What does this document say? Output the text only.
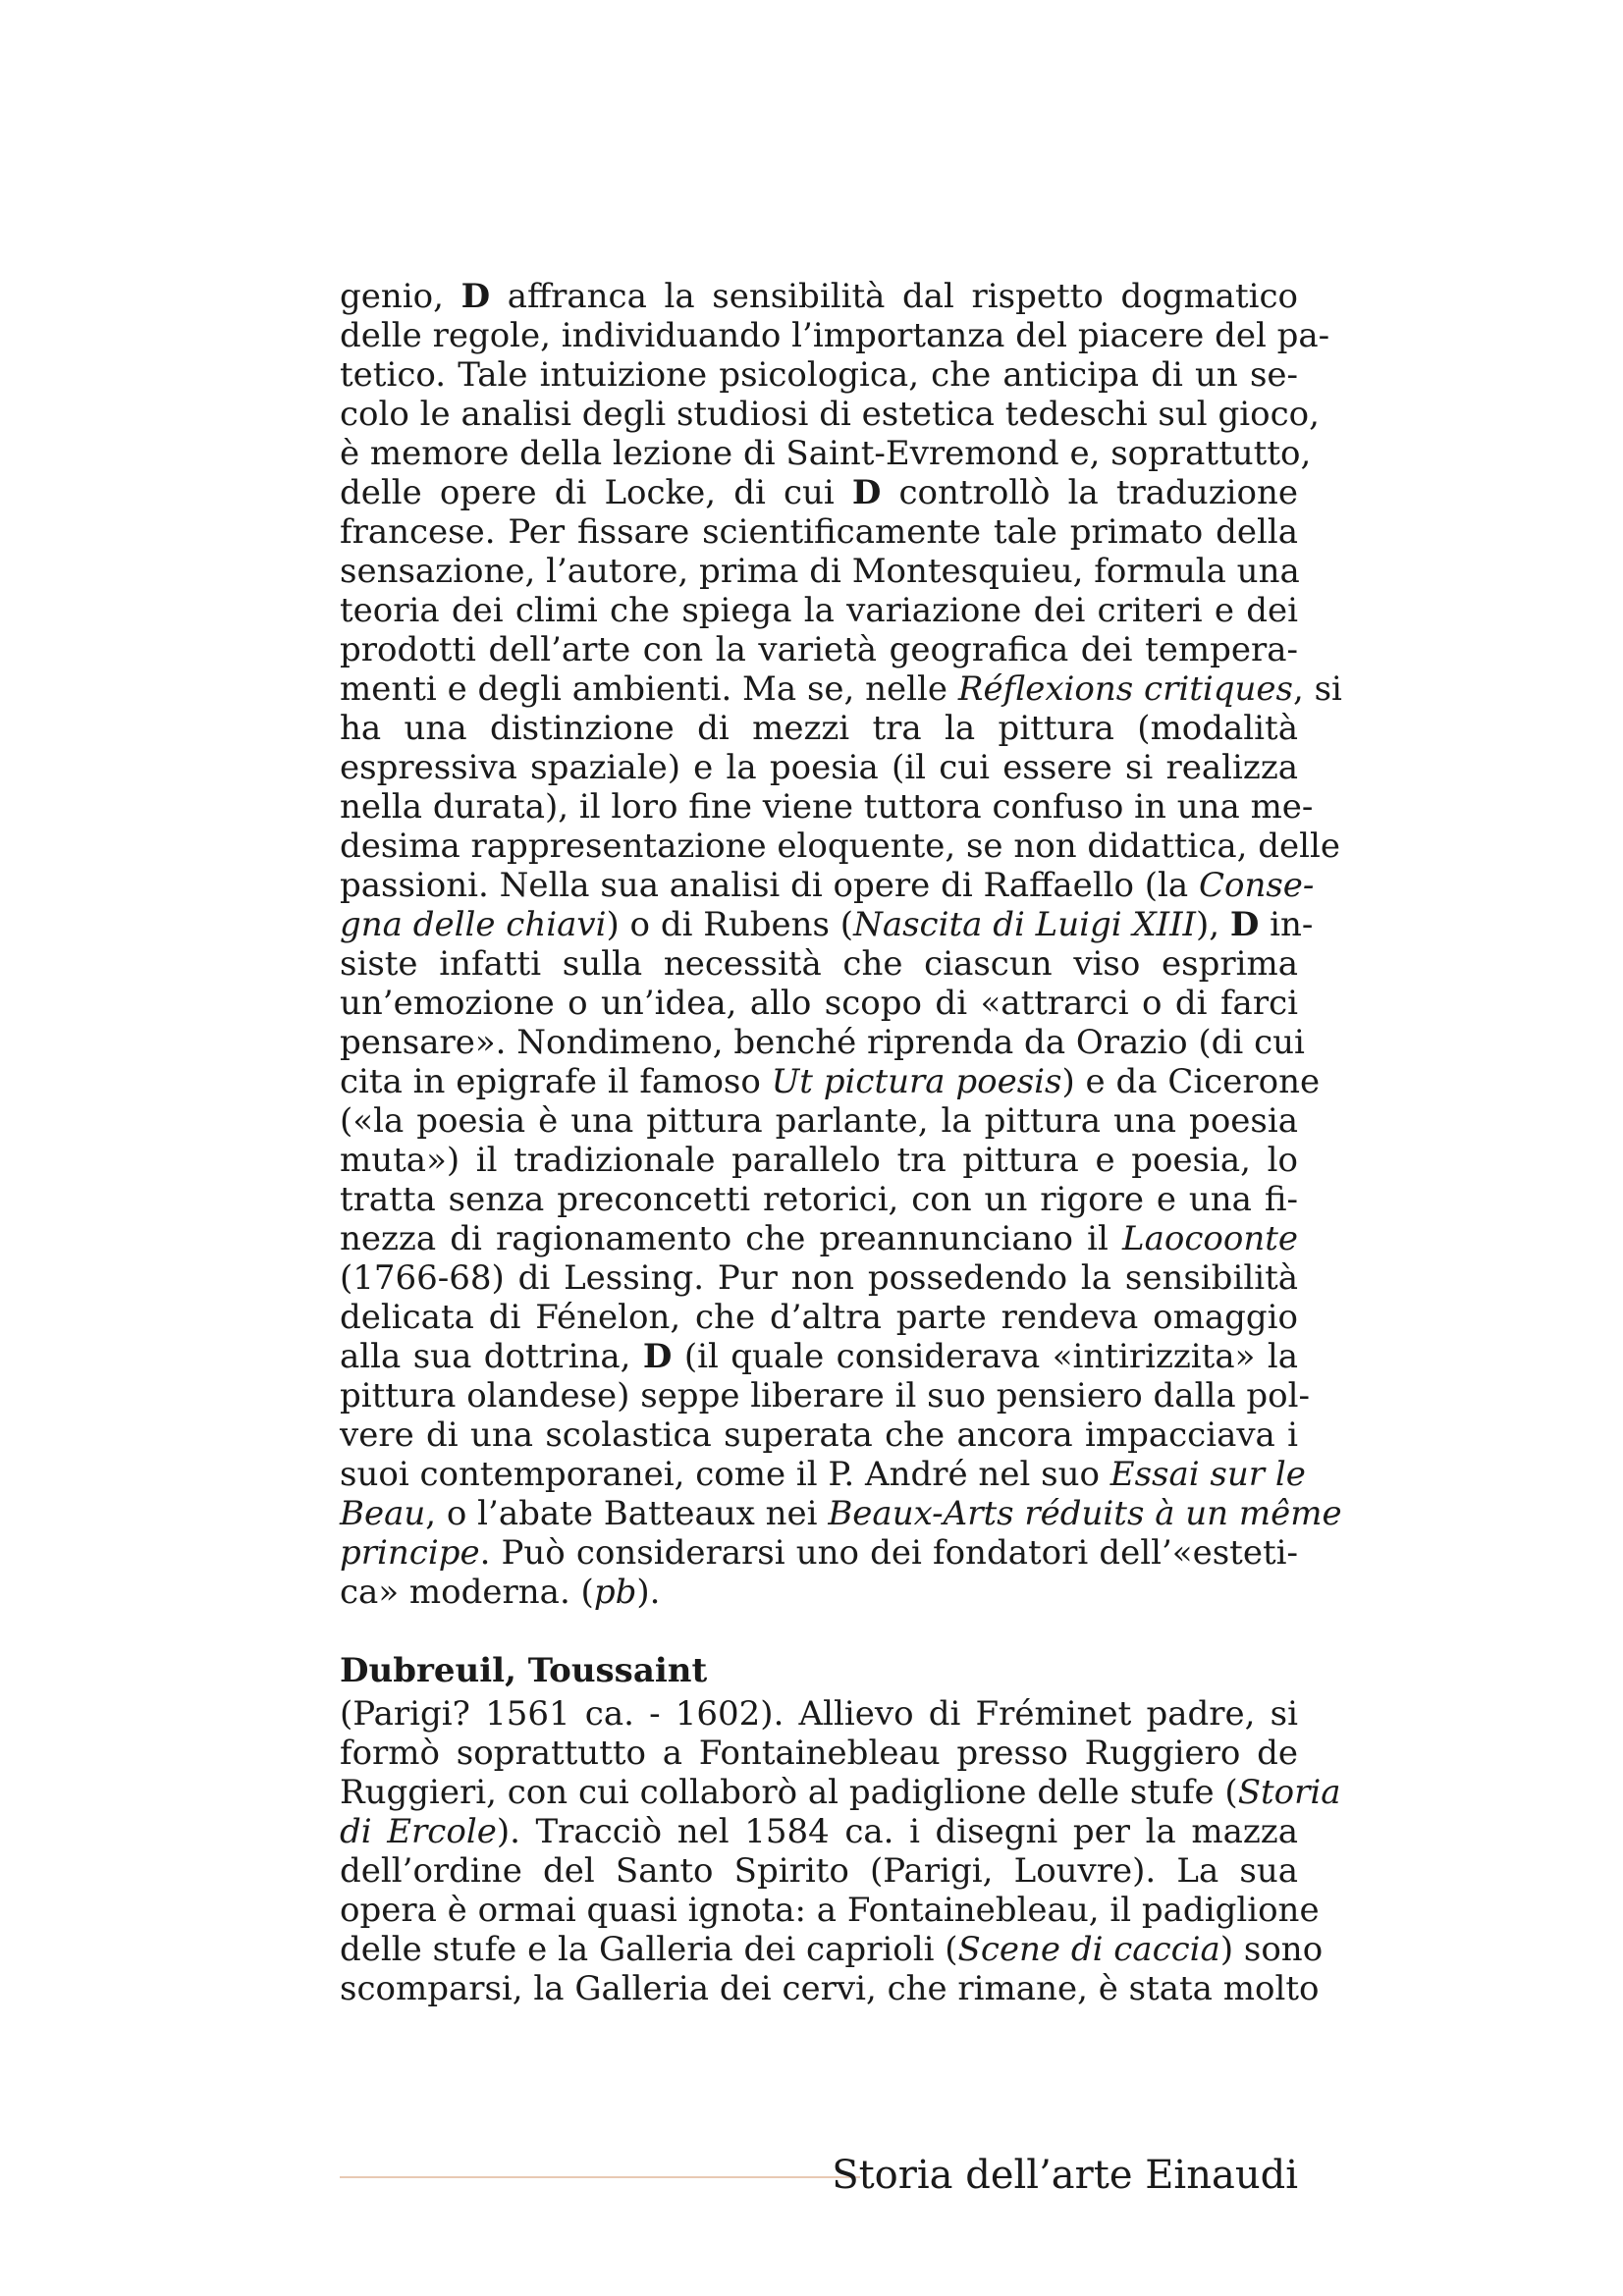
genio, D affranca la sensibilità dal rispetto dogmatico
delle regole, individuando l’importanza del piacere del pa-
tetico. Tale intuizione psicologica, che anticipa di un se-
colo le analisi degli studiosi di estetica tedeschi sul gioco,
è memore della lezione di Saint-Evremond e, soprattutto,
delle opere di Locke, di cui D controllò la traduzione
francese. Per fissare scientificamente tale primato della
sensazione, l’autore, prima di Montesquieu, formula una
teoria dei climi che spiega la variazione dei criteri e dei
prodotti dell’arte con la varietà geografica dei tempera-
menti e degli ambienti. Ma se, nelle Réflexions critiques, si
ha una distinzione di mezzi tra la pittura (modalità
espressiva spaziale) e la poesia (il cui essere si realizza
nella durata), il loro fine viene tuttora confuso in una me-
desima rappresentazione eloquente, se non didattica, delle
passioni. Nella sua analisi di opere di Raffaello (la Conse-
gna delle chiavi) o di Rubens (Nascita di Luigi XIII), D in-
siste infatti sulla necessità che ciascun viso esprima
un’emozione o un’idea, allo scopo di «attrarci o di farci
pensare». Nondimeno, benché riprenda da Orazio (di cui
cita in epigrafe il famoso Ut pictura poesis) e da Cicerone
(«la poesia è una pittura parlante, la pittura una poesia
muta») il tradizionale parallelo tra pittura e poesia, lo
tratta senza preconcetti retorici, con un rigore e una fi-
nezza di ragionamento che preannunciano il Laocoonte
(1766-68) di Lessing. Pur non possedendo la sensibilità
delicata di Fénelon, che d’altra parte rendeva omaggio
alla sua dottrina, D (il quale considerava «intirizzita» la
pittura olandese) seppe liberare il suo pensiero dalla pol-
vere di una scolastica superata che ancora impacciava i
suoi contemporanei, come il P. André nel suo Essai sur le
Beau, o l’abate Batteaux nei Beaux-Arts réduits à un même
principe. Può considerarsi uno dei fondatori dell’«esteti-
ca» moderna. (pb).
Dubreuil, Toussaint
(Parigi? 1561 ca. - 1602). Allievo di Fréminet padre, si
formò soprattutto a Fontainebleau presso Ruggiero de
Ruggieri, con cui collaborò al padiglione delle stufe (Storia
di Ercole). Tracciò nel 1584 ca. i disegni per la mazza
dell’ordine del Santo Spirito (Parigi, Louvre). La sua
opera è ormai quasi ignota: a Fontainebleau, il padiglione
delle stufe e la Galleria dei caprioli (Scene di caccia) sono
scomparsi, la Galleria dei cervi, che rimane, è stata molto
Storia dell’arte Einaudi
